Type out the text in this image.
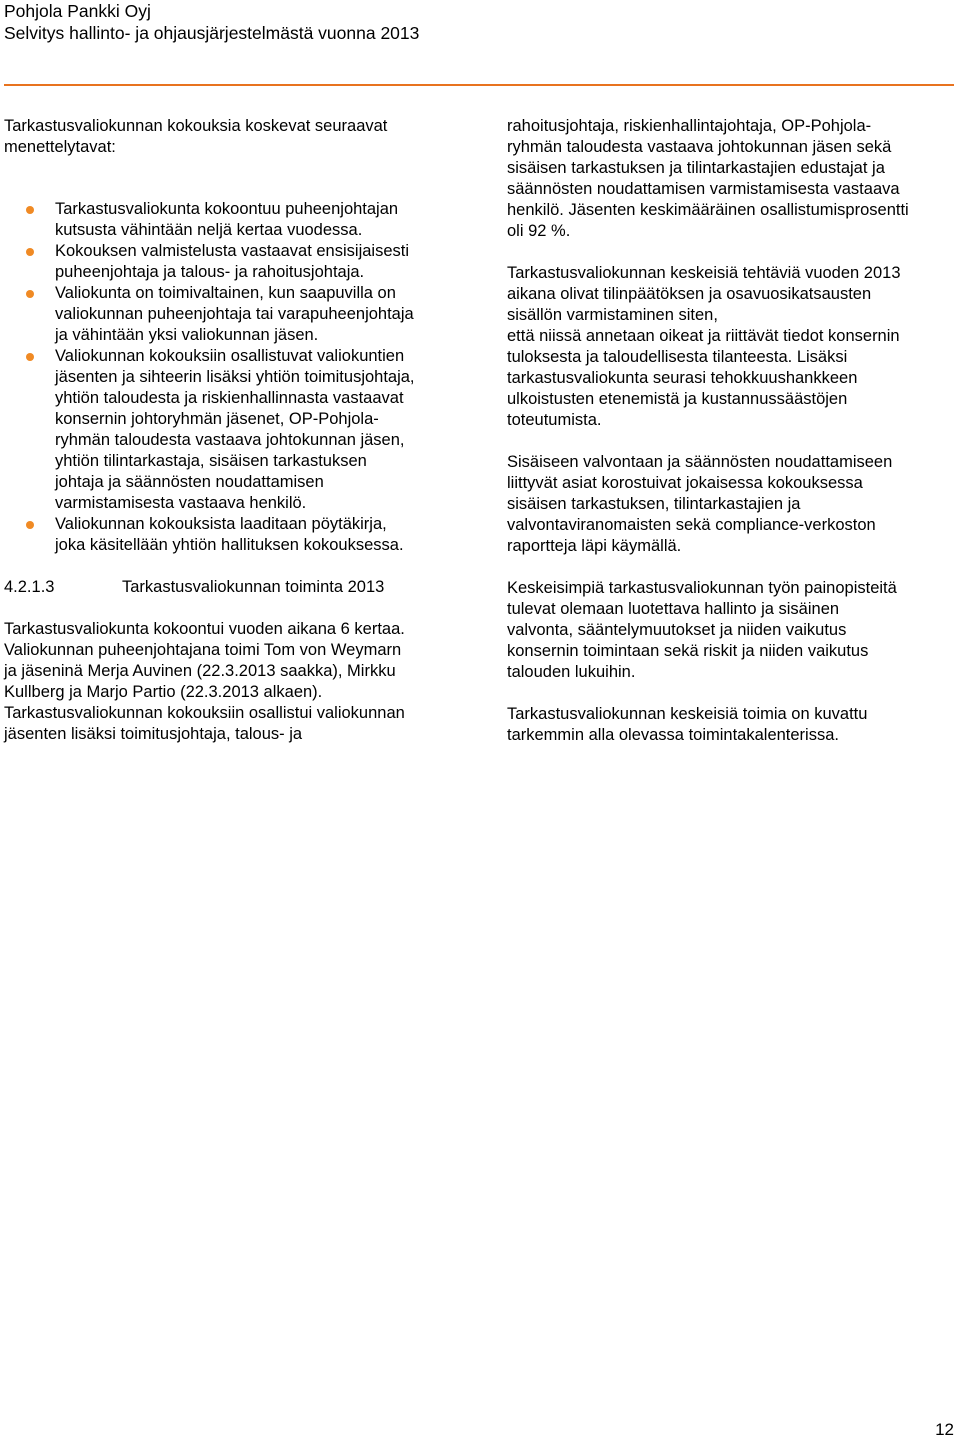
Pohjola Pankki Oyj
Selvitys hallinto- ja ohjausjärjestelmästä vuonna 2013
Tarkastusvaliokunnan kokouksia koskevat seuraavat
menettelytavat:
Tarkastusvaliokunta kokoontuu puheenjohtajan
kutsusta vähintään neljä kertaa vuodessa.
Kokouksen valmistelusta vastaavat ensisijaisesti
puheenjohtaja ja talous- ja rahoitusjohtaja.
Valiokunta on toimivaltainen, kun saapuvilla on
valiokunnan puheenjohtaja tai varapuheenjohtaja
ja vähintään yksi valiokunnan jäsen.
Valiokunnan kokouksiin osallistuvat valiokuntien
jäsenten ja sihteerin lisäksi yhtiön toimitusjohtaja,
yhtiön taloudesta ja riskienhallinnasta vastaavat
konsernin johtoryhmän jäsenet, OP-Pohjola-
ryhmän taloudesta vastaava johtokunnan jäsen,
yhtiön tilintarkastaja, sisäisen tarkastuksen
johtaja ja säännösten noudattamisen
varmistamisesta vastaava henkilö.
Valiokunnan kokouksista laaditaan pöytäkirja,
joka käsitellään yhtiön hallituksen kokouksessa.
4.2.1.3	Tarkastusvaliokunnan toiminta 2013
Tarkastusvaliokunta kokoontui vuoden aikana 6 kertaa.
Valiokunnan puheenjohtajana toimi Tom von Weymarn
ja jäseninä Merja Auvinen (22.3.2013 saakka), Mirkku
Kullberg ja Marjo Partio (22.3.2013 alkaen).
Tarkastusvaliokunnan kokouksiin osallistui valiokunnan
jäsenten lisäksi toimitusjohtaja, talous- ja
rahoitusjohtaja, riskienhallintajohtaja, OP-Pohjola-
ryhmän taloudesta vastaava johtokunnan jäsen sekä
sisäisen tarkastuksen ja tilintarkastajien edustajat ja
säännösten noudattamisen varmistamisesta vastaava
henkilö. Jäsenten keskimääräinen osallistumisprosentti
oli 92 %.
Tarkastusvaliokunnan keskeisiä tehtäviä vuoden 2013
aikana olivat tilinpäätöksen ja osavuosikatsausten
sisällön varmistaminen siten,
että niissä annetaan oikeat ja riittävät tiedot konsernin
tuloksesta ja taloudellisesta tilanteesta. Lisäksi
tarkastusvaliokunta seurasi tehokkuushankkeen
ulkoistusten etenemistä ja kustannussäästöjen
toteutumista.
Sisäiseen valvontaan ja säännösten noudattamiseen
liittyvät asiat korostuivat jokaisessa kokouksessa
sisäisen tarkastuksen, tilintarkastajien ja
valvontaviranomaisten sekä compliance-verkoston
raportteja läpi käymällä.
Keskeisimpiä tarkastusvaliokunnan työn painopisteitä
tulevat olemaan luotettava hallinto ja sisäinen
valvonta, sääntelymuutokset ja niiden vaikutus
konsernin toimintaan sekä riskit ja niiden vaikutus
talouden lukuihin.
Tarkastusvaliokunnan keskeisiä toimia on kuvattu
tarkemmin alla olevassa toimintakalenterissa.
12
